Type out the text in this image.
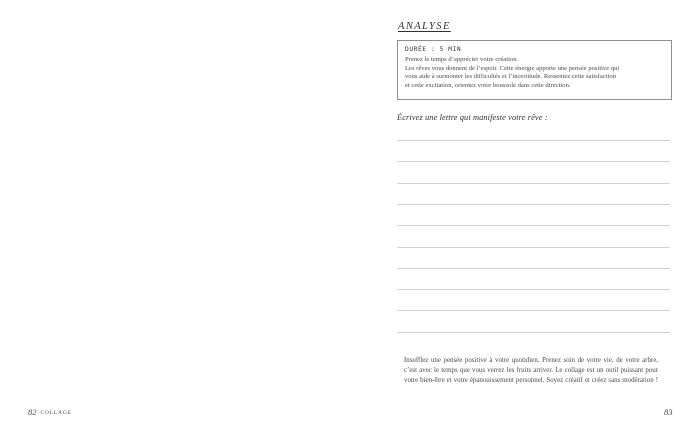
ANALYSE
DURÉE : 5 MIN
Prenez le temps d’apprécier votre création.
Les rêves vous donnent de l’espoir. Cette énergie apporte une pensée positive qui
vous aide à surmonter les difficultés et l’incertitude. Ressentez cette satisfaction
et cette excitation, orientez votre boussole dans cette direction.
Écrivez une lettre qui manifeste votre rêve :
Insufflez une pensée positive à votre quotidien. Prenez soin de votre vie, de votre arbre,
c’est avec le temps que vous verrez les fruits arriver. Le collage est un outil puissant pour
votre bien-être et votre épanouissement personnel. Soyez créatif et créez sans modération !
82 COLLAGE	83
